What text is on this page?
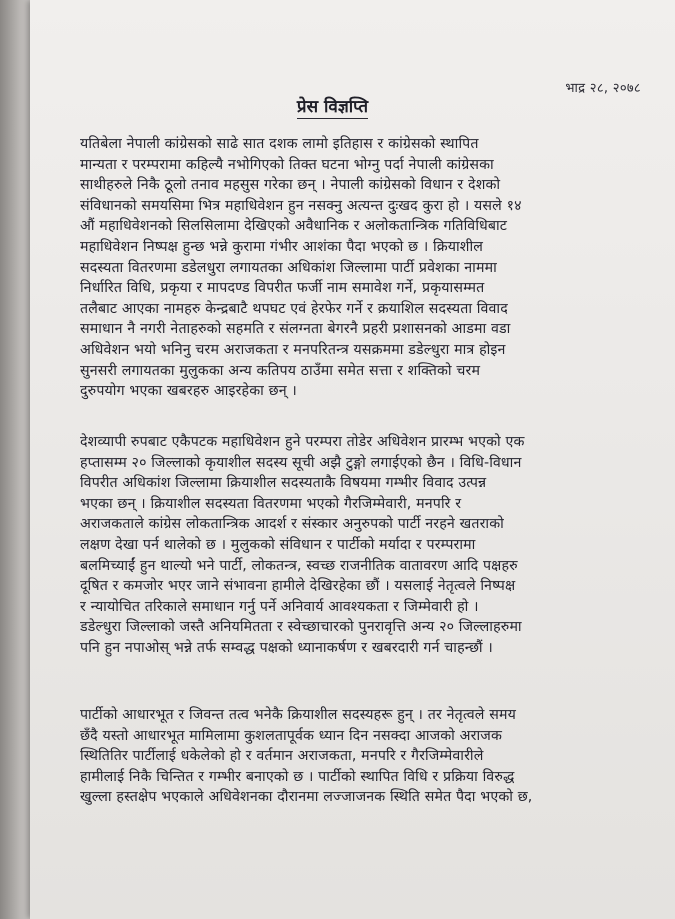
भाद्र २८, २०७८
प्रेस विज्ञप्ति
यतिबेला नेपाली कांग्रेसको साढे सात दशक लामो इतिहास र कांग्रेसको स्थापित
मान्यता र परम्परामा कहिल्यै नभोगिएको तिक्त घटना भोग्नु पर्दा नेपाली कांग्रेसका
साथीहरुले निकै ठूलो तनाव महसुस गरेका छन् । नेपाली कांग्रेसको विधान र देशको
संविधानको समयसिमा भित्र महाधिवेशन हुन नसक्नु अत्यन्त दुःखद कुरा हो । यसले १४
औं महाधिवेशनको सिलसिलामा देखिएको अवैधानिक र अलोकतान्त्रिक गतिविधिबाट
महाधिवेशन निष्पक्ष हुन्छ भन्ने कुरामा गंभीर आशंका पैदा भएको छ । क्रियाशील
सदस्यता वितरणमा डडेलधुरा लगायतका अधिकांश जिल्लामा पार्टी प्रवेशका नाममा
निर्धारित विधि, प्रकृया र मापदण्ड विपरीत फर्जी नाम समावेश गर्ने, प्रकृयासम्मत
तलैबाट आएका नामहरु केन्द्रबाटै थपघट एवं हेरफेर गर्ने र क्रयाशिल सदस्यता विवाद
समाधान नै नगरी नेताहरुको सहमति र संलग्नता बेगरनै प्रहरी प्रशासनको आडमा वडा
अधिवेशन भयो भनिनु चरम अराजकता र मनपरितन्त्र यसक्रममा डडेल्धुरा मात्र होइन
सुनसरी लगायतका मुलुकका अन्य कतिपय ठाउँमा समेत सत्ता र शक्तिको चरम
दुरुपयोग भएका खबरहरु आइरहेका छन् ।
देशव्यापी रुपबाट एकैपटक महाधिवेशन हुने परम्परा तोडेर अधिवेशन प्रारम्भ भएको एक
हप्तासम्म २० जिल्लाको कृयाशील सदस्य सूची अझै टुङ्गो लगाईएको छैन । विधि-विधान
विपरीत अधिकांश जिल्लामा क्रियाशील सदस्यताकै विषयमा गम्भीर विवाद उत्पन्न
भएका छन् । क्रियाशील सदस्यता वितरणमा भएको गैरजिम्मेवारी, मनपरि र
अराजकताले कांग्रेस लोकतान्त्रिक आदर्श र संस्कार अनुरुपको पार्टी नरहने खतराको
लक्षण देखा पर्न थालेको छ । मुलुकको संविधान र पार्टीको मर्यादा र परम्परामा
बलमिच्याईं हुन थाल्यो भने पार्टी, लोकतन्त्र, स्वच्छ राजनीतिक वातावरण आदि पक्षहरु
दूषित र कमजोर भएर जाने संभावना हामीले देखिरहेका छौं । यसलाई नेतृत्वले निष्पक्ष
र न्यायोचित तरिकाले समाधान गर्नु पर्ने अनिवार्य आवश्यकता र जिम्मेवारी हो ।
डडेल्धुरा जिल्लाको जस्तै अनियमितता र स्वेच्छाचारको पुनरावृत्ति अन्य २० जिल्लाहरुमा
पनि हुन नपाओस् भन्ने तर्फ सम्वद्ध पक्षको ध्यानाकर्षण र खबरदारी गर्न चाहन्छौं ।
पार्टीको आधारभूत र जिवन्त तत्व भनेकै क्रियाशील सदस्यहरू हुन् । तर नेतृत्वले समय
छँदै यस्तो आधारभूत मामिलामा कुशलतापूर्वक ध्यान दिन नसक्दा आजको अराजक
स्थितितिर पार्टीलाई धकेलेको हो र वर्तमान अराजकता, मनपरि र गैरजिम्मेवारीले
हामीलाई निकै चिन्तित र गम्भीर बनाएको छ । पार्टीको स्थापित विधि र प्रक्रिया विरुद्ध
खुल्ला हस्तक्षेप भएकाले अधिवेशनका दौरानमा लज्जाजनक स्थिति समेत पैदा भएको छ,
